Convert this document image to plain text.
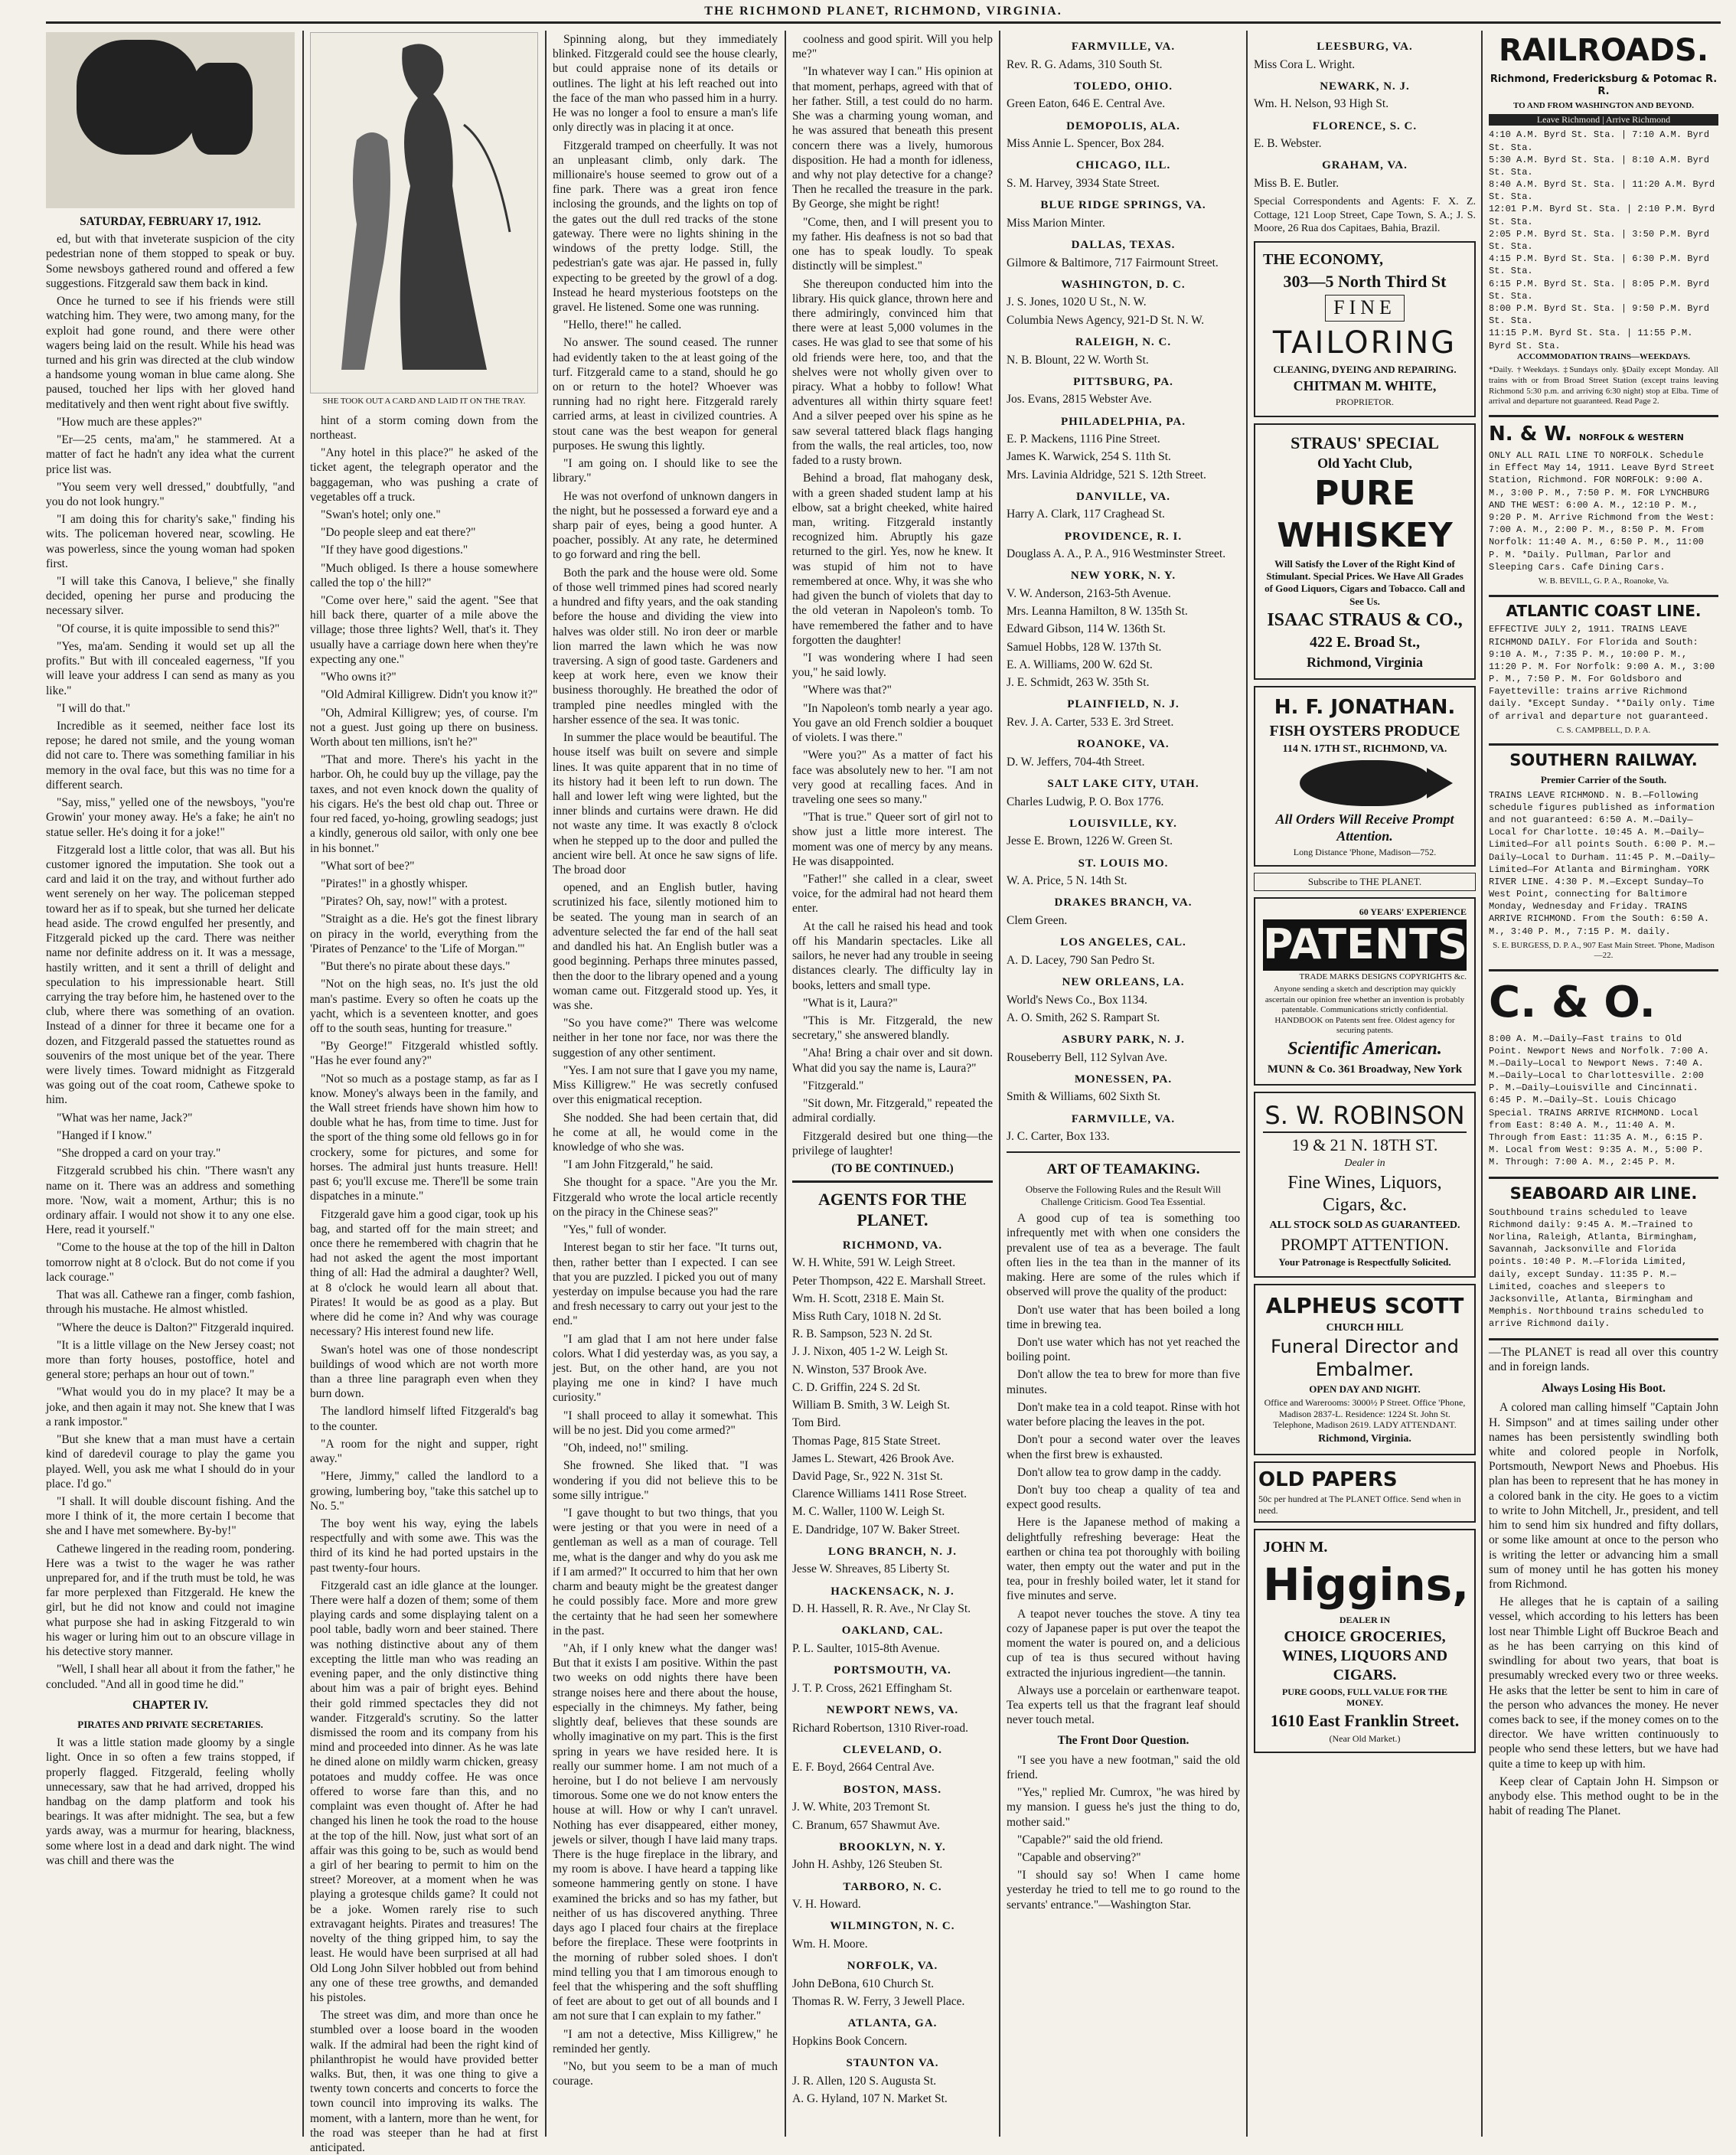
THE RICHMOND PLANET, RICHMOND, VIRGINIA.

SATURDAY, FEBRUARY 17, 1912.

ed, but with that inveterate suspicion of the city pedestrian none of them stopped to speak or buy. Some newsboys gathered round and offered a few suggestions. Fitzgerald saw them back in kind.

Once he turned to see if his friends were still watching him. They were, two among many, for the exploit had gone round, and there were other wagers being laid on the result. While his head was turned and his grin was directed at the club window a handsome young woman in blue came along. She paused, touched her lips with her gloved hand meditatively and then went right about five swiftly.

"How much are these apples?"

"Er—25 cents, ma'am," he stammered. At a matter of fact he hadn't any idea what the current price list was.

"You seem very well dressed," doubtfully, "and you do not look hungry."

"I am doing this for charity's sake," finding his wits. The policeman hovered near, scowling. He was powerless, since the young woman had spoken first.

"I will take this Canova, I believe," she finally decided, opening her purse and producing the necessary silver.

"Of course, it is quite impossible to send this?"

"Yes, ma'am. Sending it would set up all the profits." But with ill concealed eagerness, "If you will leave your address I can send as many as you like."

"I will do that."

Incredible as it seemed, neither face lost its repose; he dared not smile, and the young woman did not care to. There was something familiar in his memory in the oval face, but this was no time for a different search.

"Say, miss," yelled one of the newsboys, "you're Growin' your money away. He's a fake; he ain't no statue seller. He's doing it for a joke!"

Fitzgerald lost a little color, that was all. But his customer ignored the imputation. She took out a card and laid it on the tray, and without further ado went serenely on her way. The policeman stepped toward her as if to speak, but she turned her delicate head aside. The crowd engulfed her presently, and Fitzgerald picked up the card. There was neither name nor definite address on it. It was a message, hastily written, and it sent a thrill of delight and speculation to his impressionable heart. Still carrying the tray before him, he hastened over to the club, where there was something of an ovation. Instead of a dinner for three it became one for a dozen, and Fitzgerald passed the statuettes round as souvenirs of the most unique bet of the year. There were lively times. Toward midnight as Fitzgerald was going out of the coat room, Cathewe spoke to him.

"What was her name, Jack?"

"Hanged if I know."

"She dropped a card on your tray."

Fitzgerald scrubbed his chin. "There wasn't any name on it. There was an address and something more. 'Now, wait a moment, Arthur; this is no ordinary affair. I would not show it to any one else. Here, read it yourself."

"Come to the house at the top of the hill in Dalton tomorrow night at 8 o'clock. But do not come if you lack courage."

That was all. Cathewe ran a finger, comb fashion, through his mustache. He almost whistled.

"Where the deuce is Dalton?" Fitzgerald inquired.

"It is a little village on the New Jersey coast; not more than forty houses, postoffice, hotel and general store; perhaps an hour out of town."

"What would you do in my place? It may be a joke, and then again it may not. She knew that I was a rank impostor."

"But she knew that a man must have a certain kind of daredevil courage to play the game you played. Well, you ask me what I should do in your place. I'd go."

"I shall. It will double discount fishing. And the more I think of it, the more certain I become that she and I have met somewhere. By-by!"

Cathewe lingered in the reading room, pondering. Here was a twist to the wager he was rather unprepared for, and if the truth must be told, he was far more perplexed than Fitzgerald. He knew the girl, but he did not know and could not imagine what purpose she had in asking Fitzgerald to win his wager or luring him out to an obscure village in his detective story manner.

"Well, I shall hear all about it from the father," he concluded. "And all in good time he did."

CHAPTER IV.

PIRATES AND PRIVATE SECRETARIES.

It was a little station made gloomy by a single light. Once in so often a few trains stopped, if properly flagged. Fitzgerald, feeling wholly unnecessary, saw that he had arrived, dropped his handbag on the damp platform and took his bearings. It was after midnight. The sea, but a few yards away, was a murmur for hearing, blackness, some where lost in a dead and dark night. The wind was chill and there was the

SHE TOOK OUT A CARD AND LAID IT ON THE TRAY.

hint of a storm coming down from the northeast.

"Any hotel in this place?" he asked of the ticket agent, the telegraph operator and the baggageman, who was pushing a crate of vegetables off a truck.

"Swan's hotel; only one."

"Do people sleep and eat there?"

"If they have good digestions."

"Much obliged. Is there a house somewhere called the top o' the hill?"

"Come over here," said the agent. "See that hill back there, quarter of a mile above the village; those three lights? Well, that's it. They usually have a carriage down here when they're expecting any one."

"Who owns it?"

"Old Admiral Killigrew. Didn't you know it?"

"Oh, Admiral Killigrew; yes, of course. I'm not a guest. Just going up there on business. Worth about ten millions, isn't he?"

"That and more. There's his yacht in the harbor. Oh, he could buy up the village, pay the taxes, and not even knock down the quality of his cigars. He's the best old chap out. Three or four red faced, yo-hoing, growling seadogs; just a kindly, generous old sailor, with only one bee in his bonnet."

"What sort of bee?"

"Pirates!" in a ghostly whisper.

"Pirates? Oh, say, now!" with a protest.

"Straight as a die. He's got the finest library on piracy in the world, everything from the 'Pirates of Penzance' to the 'Life of Morgan.'"

"But there's no pirate about these days."

"Not on the high seas, no. It's just the old man's pastime. Every so often he coats up the yacht, which is a seventeen knotter, and goes off to the south seas, hunting for treasure."

"By George!" Fitzgerald whistled softly. "Has he ever found any?"

"Not so much as a postage stamp, as far as I know. Money's always been in the family, and the Wall street friends have shown him how to double what he has, from time to time. Just for the sport of the thing some old fellows go in for crockery, some for pictures, and some for horses. The admiral just hunts treasure. Hell! past 6; you'll excuse me. There'll be some train dispatches in a minute."

Fitzgerald gave him a good cigar, took up his bag, and started off for the main street; and once there he remembered with chagrin that he had not asked the agent the most important thing of all: Had the admiral a daughter? Well, at 8 o'clock he would learn all about that. Pirates! It would be as good as a play. But where did he come in? And why was courage necessary? His interest found new life.

Swan's hotel was one of those nondescript buildings of wood which are not worth more than a three line paragraph even when they burn down.

The landlord himself lifted Fitzgerald's bag to the counter.

"A room for the night and supper, right away."

"Here, Jimmy," called the landlord to a growing, lumbering boy, "take this satchel up to No. 5."

The boy went his way, eying the labels respectfully and with some awe. This was the third of its kind he had ported upstairs in the past twenty-four hours.

Fitzgerald cast an idle glance at the lounger. There were half a dozen of them; some of them playing cards and some displaying talent on a pool table, badly worn and beer stained. There was nothing distinctive about any of them excepting the little man who was reading an evening paper, and the only distinctive thing about him was a pair of bright eyes. Behind their gold rimmed spectacles they did not wander. Fitzgerald's scrutiny. So the latter dismissed the room and its company from his mind and proceeded into dinner. As he was late he dined alone on mildly warm chicken, greasy potatoes and muddy coffee. He was once offered to worse fare than this, and no complaint was even thought of. After he had changed his linen he took the road to the house at the top of the hill. Now, just what sort of an affair was this going to be, such as would bend a girl of her bearing to permit to him on the street? Moreover, at a moment when he was playing a grotesque childs game? It could not be a joke. Women rarely rise to such extravagant heights. Pirates and treasures! The novelty of the thing gripped him, to say the least. He would have been surprised at all had Old Long John Silver hobbled out from behind any one of these tree growths, and demanded his pistoles.

The street was dim, and more than once he stumbled over a loose board in the wooden walk. If the admiral had been the right kind of philanthropist he would have provided better walks. But, then, it was one thing to give a twenty town concerts and concerts to force the town council into improving its walks. The moment, with a lantern, more than he went, for the road was steeper than he had at first anticipated.

Spinning along, but they immediately blinked. Fitzgerald could see the house clearly, but could appraise none of its details or outlines. The light at his left reached out into the face of the man who passed him in a hurry. He was no longer a fool to ensure a man's life only directly was in placing it at once.

Fitzgerald tramped on cheerfully. It was not an unpleasant climb, only dark. The millionaire's house seemed to grow out of a fine park. There was a great iron fence inclosing the grounds, and the lights on top of the gates out the dull red tracks of the stone gateway. There were no lights shining in the windows of the pretty lodge. Still, the pedestrian's gate was ajar. He passed in, fully expecting to be greeted by the growl of a dog. Instead he heard mysterious footsteps on the gravel. He listened. Some one was running.

"Hello, there!" he called.

No answer. The sound ceased. The runner had evidently taken to the at least going of the turf. Fitzgerald came to a stand, should he go on or return to the hotel? Whoever was running had no right here. Fitzgerald rarely carried arms, at least in civilized countries. A stout cane was the best weapon for general purposes. He swung this lightly.

"I am going on. I should like to see the library."

He was not overfond of unknown dangers in the night, but he possessed a forward eye and a sharp pair of eyes, being a good hunter. A poacher, possibly. At any rate, he determined to go forward and ring the bell.

Both the park and the house were old. Some of those well trimmed pines had scored nearly a hundred and fifty years, and the oak standing before the house and dividing the view into halves was older still. No iron deer or marble lion marred the lawn which he was now traversing. A sign of good taste. Gardeners and keep at work here, even we know their business thoroughly. He breathed the odor of trampled pine needles mingled with the harsher essence of the sea. It was tonic.

In summer the place would be beautiful. The house itself was built on severe and simple lines. It was quite apparent that in no time of its history had it been left to run down. The hall and lower left wing were lighted, but the inner blinds and curtains were drawn. He did not waste any time. It was exactly 8 o'clock when he stepped up to the door and pulled the ancient wire bell. At once he saw signs of life. The broad door

opened, and an English butler, having scrutinized his face, silently motioned him to be seated. The young man in search of an adventure selected the far end of the hall seat and dandled his hat. An English butler was a good beginning. Perhaps three minutes passed, then the door to the library opened and a young woman came out. Fitzgerald stood up. Yes, it was she.

"So you have come?" There was welcome neither in her tone nor face, nor was there the suggestion of any other sentiment.

"Yes. I am not sure that I gave you my name, Miss Killigrew." He was secretly confused over this enigmatical reception.

She nodded. She had been certain that, did he come at all, he would come in the knowledge of who she was.

"I am John Fitzgerald," he said.

She thought for a space. "Are you the Mr. Fitzgerald who wrote the local article recently on the piracy in the Chinese seas?"

"Yes," full of wonder.

Interest began to stir her face. "It turns out, then, rather better than I expected. I can see that you are puzzled. I picked you out of many yesterday on impulse because you had the rare and fresh necessary to carry out your jest to the end."

"I am glad that I am not here under false colors. What I did yesterday was, as you say, a jest. But, on the other hand, are you not playing me one in kind? I have much curiosity."

"I shall proceed to allay it somewhat. This will be no jest. Did you come armed?"

"Oh, indeed, no!" smiling.

She frowned. She liked that. "I was wondering if you did not believe this to be some silly intrigue."

"I gave thought to but two things, that you were jesting or that you were in need of a gentleman as well as a man of courage. Tell me, what is the danger and why do you ask me if I am armed?" It occurred to him that her own charm and beauty might be the greatest danger he could possibly face. More and more grew the certainty that he had seen her somewhere in the past.

"Ah, if I only knew what the danger was! But that it exists I am positive. Within the past two weeks on odd nights there have been strange noises here and there about the house, especially in the chimneys. My father, being slightly deaf, believes that these sounds are wholly imaginative on my part. This is the first spring in years we have resided here. It is really our summer home. I am not much of a heroine, but I do not believe I am nervously timorous. Some one we do not know enters the house at will. How or why I can't unravel. Nothing has ever disappeared, either money, jewels or silver, though I have laid many traps. There is the huge fireplace in the library, and my room is above. I have heard a tapping like someone hammering gently on stone. I have examined the bricks and so has my father, but neither of us has discovered anything. Three days ago I placed four chairs at the fireplace before the fireplace. These were footprints in the morning of rubber soled shoes. I don't mind telling you that I am timorous enough to feel that the whispering and the soft shuffling of feet are about to get out of all bounds and I am not sure that I can explain to my father."

"I am not a detective, Miss Killigrew," he reminded her gently.

"No, but you seem to be a man of much courage.

coolness and good spirit. Will you help me?"

"In whatever way I can." His opinion at that moment, perhaps, agreed with that of her father. Still, a test could do no harm. She was a charming young woman, and he was assured that beneath this present concern there was a lively, humorous disposition. He had a month for idleness, and why not play detective for a change? Then he recalled the treasure in the park. By George, she might be right!

"Come, then, and I will present you to my father. His deafness is not so bad that one has to speak loudly. To speak distinctly will be simplest."

She thereupon conducted him into the library. His quick glance, thrown here and there admiringly, convinced him that there were at least 5,000 volumes in the cases. He was glad to see that some of his old friends were here, too, and that the shelves were not wholly given over to piracy. What a hobby to follow! What adventures all within thirty square feet! And a silver peeped over his spine as he saw several tattered black flags hanging from the walls, the real articles, too, now faded to a rusty brown.

Behind a broad, flat mahogany desk, with a green shaded student lamp at his elbow, sat a bright cheeked, white haired man, writing. Fitzgerald instantly recognized him. Abruptly his gaze returned to the girl. Yes, now he knew. It was stupid of him not to have remembered at once. Why, it was she who had given the bunch of violets that day to the old veteran in Napoleon's tomb. To have remembered the father and to have forgotten the daughter!

"I was wondering where I had seen you," he said lowly.

"Where was that?"

"In Napoleon's tomb nearly a year ago. You gave an old French soldier a bouquet of violets. I was there."

"Were you?" As a matter of fact his face was absolutely new to her. "I am not very good at recalling faces. And in traveling one sees so many."

"That is true." Queer sort of girl not to show just a little more interest. The moment was one of mercy by any means. He was disappointed.

"Father!" she called in a clear, sweet voice, for the admiral had not heard them enter.

At the call he raised his head and took off his Mandarin spectacles. Like all sailors, he never had any trouble in seeing distances clearly. The difficulty lay in books, letters and small type.

"What is it, Laura?"

"This is Mr. Fitzgerald, the new secretary," she answered blandly.

"Aha! Bring a chair over and sit down. What did you say the name is, Laura?"

"Fitzgerald."

"Sit down, Mr. Fitzgerald," repeated the admiral cordially.

Fitzgerald desired but one thing—the privilege of laughter!

(TO BE CONTINUED.)

AGENTS FOR THE PLANET.

RICHMOND, VA.

W. H. White, 591 W. Leigh Street.

Peter Thompson, 422 E. Marshall Street.

Wm. H. Scott, 2318 E. Main St.

Miss Ruth Cary, 1018 N. 2d St.

R. B. Sampson, 523 N. 2d St.

J. J. Nixon, 405 1-2 W. Leigh St.

N. Winston, 537 Brook Ave.

C. D. Griffin, 224 S. 2d St.

William B. Smith, 3 W. Leigh St.

Tom Bird.

Thomas Page, 815 State Street.

James L. Stewart, 426 Brook Ave.

David Page, Sr., 922 N. 31st St.

Clarence Williams 1411 Rose Street.

M. C. Waller, 1100 W. Leigh St.

E. Dandridge, 107 W. Baker Street.

LONG BRANCH, N. J.

Jesse W. Shreaves, 85 Liberty St.

HACKENSACK, N. J.

D. H. Hassell, R. R. Ave., Nr Clay St.

OAKLAND, CAL.

P. L. Saulter, 1015-8th Avenue.

PORTSMOUTH, VA.

J. T. P. Cross, 2621 Effingham St.

NEWPORT NEWS, VA.

Richard Robertson, 1310 River-road.

CLEVELAND, O.

E. F. Boyd, 2664 Central Ave.

BOSTON, MASS.

J. W. White, 203 Tremont St.

C. Branum, 657 Shawmut Ave.

BROOKLYN, N. Y.

John H. Ashby, 126 Steuben St.

TARBORO, N. C.

V. H. Howard.

WILMINGTON, N. C.

Wm. H. Moore.

NORFOLK, VA.

John DeBona, 610 Church St.

Thomas R. W. Ferry, 3 Jewell Place.

ATLANTA, GA.

Hopkins Book Concern.

STAUNTON VA.

J. R. Allen, 120 S. Augusta St.

A. G. Hyland, 107 N. Market St.

FARMVILLE, VA.

Rev. R. G. Adams, 310 South St.

TOLEDO, OHIO.

Green Eaton, 646 E. Central Ave.

DEMOPOLIS, ALA.

Miss Annie L. Spencer, Box 284.

CHICAGO, ILL.

S. M. Harvey, 3934 State Street.

BLUE RIDGE SPRINGS, VA.

Miss Marion Minter.

DALLAS, TEXAS.

Gilmore & Baltimore, 717 Fairmount Street.

WASHINGTON, D. C.

J. S. Jones, 1020 U St., N. W.

Columbia News Agency, 921-D St. N. W.

RALEIGH, N. C.

N. B. Blount, 22 W. Worth St.

PITTSBURG, PA.

Jos. Evans, 2815 Webster Ave.

PHILADELPHIA, PA.

E. P. Mackens, 1116 Pine Street.

James K. Warwick, 254 S. 11th St.

Mrs. Lavinia Aldridge, 521 S. 12th Street.

DANVILLE, VA.

Harry A. Clark, 117 Craghead St.

PROVIDENCE, R. I.

Douglass A. A., P. A., 916 Westminster Street.

NEW YORK, N. Y.

V. W. Anderson, 2163-5th Avenue.

Mrs. Leanna Hamilton, 8 W. 135th St.

Edward Gibson, 114 W. 136th St.

Samuel Hobbs, 128 W. 137th St.

E. A. Williams, 200 W. 62d St.

J. E. Schmidt, 263 W. 35th St.

PLAINFIELD, N. J.

Rev. J. A. Carter, 533 E. 3rd Street.

ROANOKE, VA.

D. W. Jeffers, 704-4th Street.

SALT LAKE CITY, UTAH.

Charles Ludwig, P. O. Box 1776.

LOUISVILLE, KY.

Jesse E. Brown, 1226 W. Green St.

ST. LOUIS MO.

W. A. Price, 5 N. 14th St.

DRAKES BRANCH, VA.

Clem Green.

LOS ANGELES, CAL.

A. D. Lacey, 790 San Pedro St.

NEW ORLEANS, LA.

World's News Co., Box 1134.

A. O. Smith, 262 S. Rampart St.

ASBURY PARK, N. J.

Rouseberry Bell, 112 Sylvan Ave.

MONESSEN, PA.

Smith & Williams, 602 Sixth St.

FARMVILLE, VA.

J. C. Carter, Box 133.

ART OF TEAMAKING.

Observe the Following Rules and the Result Will Challenge Criticism. Good Tea Essential.

A good cup of tea is something too infrequently met with when one considers the prevalent use of tea as a beverage. The fault often lies in the tea than in the manner of its making. Here are some of the rules which if observed will prove the quality of the product:

Don't use water that has been boiled a long time in brewing tea.

Don't use water which has not yet reached the boiling point.

Don't allow the tea to brew for more than five minutes.

Don't make tea in a cold teapot. Rinse with hot water before placing the leaves in the pot.

Don't pour a second water over the leaves when the first brew is exhausted.

Don't allow tea to grow damp in the caddy.

Don't buy too cheap a quality of tea and expect good results.

Here is the Japanese method of making a delightfully refreshing beverage: Heat the earthen or china tea pot thoroughly with boiling water, then empty out the water and put in the tea, pour in freshly boiled water, let it stand for five minutes and serve.

A teapot never touches the stove. A tiny tea cozy of Japanese paper is put over the teapot the moment the water is poured on, and a delicious cup of tea is thus secured without having extracted the injurious ingredient—the tannin.

Always use a porcelain or earthenware teapot. Tea experts tell us that the fragrant leaf should never touch metal.

The Front Door Question.

"I see you have a new footman," said the old friend.

"Yes," replied Mr. Cumrox, "he was hired by my mansion. I guess he's just the thing to do, mother said."

"Capable?" said the old friend.

"Capable and observing?"

"I should say so! When I came home yesterday he tried to tell me to go round to the servants' entrance."—Washington Star.

LEESBURG, VA.

Miss Cora L. Wright.

NEWARK, N. J.

Wm. H. Nelson, 93 High St.

FLORENCE, S. C.

E. B. Webster.

GRAHAM, VA.

Miss B. E. Butler.

Special Correspondents and Agents: F. X. Z. Cottage, 121 Loop Street, Cape Town, S. A.; J. S. Moore, 26 Rua dos Capitaes, Bahia, Brazil.

THE ECONOMY,

303—5 North Third St

FINE

TAILORING

CLEANING, DYEING AND REPAIRING.

CHITMAN M. WHITE,

PROPRIETOR.

STRAUS' SPECIAL

Old Yacht Club,

PURE WHISKEY

Will Satisfy the Lover of the Right Kind of Stimulant. Special Prices. We Have All Grades of Good Liquors, Cigars and Tobacco. Call and See Us.

ISAAC STRAUS & CO.,

422 E. Broad St.,

Richmond, Virginia

H. F. JONATHAN.

FISH OYSTERS PRODUCE

114 N. 17TH ST., RICHMOND, VA.

All Orders Will Receive Prompt Attention.

Long Distance 'Phone, Madison—752.

Subscribe to THE PLANET.

60 YEARS' EXPERIENCE

PATENTS

TRADE MARKS DESIGNS COPYRIGHTS &c.

Anyone sending a sketch and description may quickly ascertain our opinion free whether an invention is probably patentable. Communications strictly confidential. HANDBOOK on Patents sent free. Oldest agency for securing patents.

Scientific American.

MUNN & Co. 361 Broadway, New York

S. W. ROBINSON

19 & 21 N. 18TH ST.

Dealer in

Fine Wines, Liquors, Cigars, &c.

ALL STOCK SOLD AS GUARANTEED.

PROMPT ATTENTION.

Your Patronage is Respectfully Solicited.

ALPHEUS SCOTT

CHURCH HILL

Funeral Director and Embalmer.

OPEN DAY AND NIGHT.

Office and Warerooms: 3000½ P Street. Office 'Phone, Madison 2837-L. Residence: 1224 St. John St. Telephone, Madison 2619. LADY ATTENDANT.

Richmond, Virginia.

OLD PAPERS

50c per hundred at The PLANET Office. Send when in need.

JOHN M.

Higgins,

DEALER IN

CHOICE GROCERIES, WINES, LIQUORS AND CIGARS.

PURE GOODS, FULL VALUE FOR THE MONEY.

1610 East Franklin Street.

(Near Old Market.)

RAILROADS.

Richmond, Fredericksburg & Potomac R. R.

TO AND FROM WASHINGTON AND BEYOND.

Leave Richmond | Arrive Richmond

4:10 A.M. Byrd St. Sta. | 7:10 A.M. Byrd St. Sta.

5:30 A.M. Byrd St. Sta. | 8:10 A.M. Byrd St. Sta.

8:40 A.M. Byrd St. Sta. | 11:20 A.M. Byrd St. Sta.

12:01 P.M. Byrd St. Sta. | 2:10 P.M. Byrd St. Sta.

2:05 P.M. Byrd St. Sta. | 3:50 P.M. Byrd St. Sta.

4:15 P.M. Byrd St. Sta. | 6:30 P.M. Byrd St. Sta.

6:15 P.M. Byrd St. Sta. | 8:05 P.M. Byrd St. Sta.

8:00 P.M. Byrd St. Sta. | 9:50 P.M. Byrd St. Sta.

11:15 P.M. Byrd St. Sta. | 11:55 P.M. Byrd St. Sta.

ACCOMMODATION TRAINS—WEEKDAYS.

*Daily. †Weekdays. ‡Sundays only. §Daily except Monday. All trains with or from Broad Street Station (except trains leaving Richmond 5:30 p.m. and arriving 6:30 night) stop at Elba. Time of arrival and departure not guaranteed. Read Page 2.

N. & W. NORFOLK & WESTERN

ONLY ALL RAIL LINE TO NORFOLK. Schedule in Effect May 14, 1911. Leave Byrd Street Station, Richmond. FOR NORFOLK: 9:00 A. M., 3:00 P. M., 7:50 P. M. FOR LYNCHBURG AND THE WEST: 6:00 A. M., 12:10 P. M., 9:20 P. M. Arrive Richmond from the West: 7:00 A. M., 2:00 P. M., 8:50 P. M. From Norfolk: 11:40 A. M., 6:50 P. M., 11:00 P. M. *Daily. Pullman, Parlor and Sleeping Cars. Cafe Dining Cars.

W. B. BEVILL, G. P. A., Roanoke, Va.

ATLANTIC COAST LINE.

EFFECTIVE JULY 2, 1911. TRAINS LEAVE RICHMOND DAILY. For Florida and South: 9:10 A. M., 7:35 P. M., 10:00 P. M., 11:20 P. M. For Norfolk: 9:00 A. M., 3:00 P. M., 7:50 P. M. For Goldsboro and Fayetteville: trains arrive Richmond daily. *Except Sunday. **Daily only. Time of arrival and departure not guaranteed.

C. S. CAMPBELL, D. P. A.

SOUTHERN RAILWAY.

Premier Carrier of the South.

TRAINS LEAVE RICHMOND. N. B.—Following schedule figures published as information and not guaranteed: 6:50 A. M.—Daily—Local for Charlotte. 10:45 A. M.—Daily—Limited—For all points South. 6:00 P. M.—Daily—Local to Durham. 11:45 P. M.—Daily—Limited—For Atlanta and Birmingham. YORK RIVER LINE. 4:30 P. M.—Except Sunday—To West Point, connecting for Baltimore Monday, Wednesday and Friday. TRAINS ARRIVE RICHMOND. From the South: 6:50 A. M., 3:40 P. M., 7:15 P. M. daily.

S. E. BURGESS, D. P. A., 907 East Main Street. 'Phone, Madison—22.

C. & O.

8:00 A. M.—Daily—Fast trains to Old Point. Newport News and Norfolk. 7:00 A. M.—Daily—Local to Newport News. 7:40 A. M.—Daily—Local to Charlottesville. 2:00 P. M.—Daily—Louisville and Cincinnati. 6:45 P. M.—Daily—St. Louis Chicago Special. TRAINS ARRIVE RICHMOND. Local from East: 8:40 A. M., 11:40 A. M. Through from East: 11:35 A. M., 6:15 P. M. Local from West: 9:35 A. M., 5:00 P. M. Through: 7:00 A. M., 2:45 P. M.

SEABOARD AIR LINE.

Southbound trains scheduled to leave Richmond daily: 9:45 A. M.—Trained to Norlina, Raleigh, Atlanta, Birmingham, Savannah, Jacksonville and Florida points. 10:40 P. M.—Florida Limited, daily, except Sunday. 11:35 P. M.—Limited, coaches and sleepers to Jacksonville, Atlanta, Birmingham and Memphis. Northbound trains scheduled to arrive Richmond daily.

—The PLANET is read all over this country and in foreign lands.

Always Losing His Boot.

A colored man calling himself "Captain John H. Simpson" and at times sailing under other names has been persistently swindling both white and colored people in Norfolk, Portsmouth, Newport News and Phoebus. His plan has been to represent that he has money in a colored bank in the city. He goes to a victim to write to John Mitchell, Jr., president, and tell him to send him six hundred and fifty dollars, or some like amount at once to the person who is writing the letter or advancing him a small sum of money until he has gotten his money from Richmond.

He alleges that he is captain of a sailing vessel, which according to his letters has been lost near Thimble Light off Buckroe Beach and as he has been carrying on this kind of swindling for about two years, that boat is presumably wrecked every two or three weeks. He asks that the letter be sent to him in care of the person who advances the money. He never comes back to see, if the money comes on to the director. We have written continuously to people who send these letters, but we have had quite a time to keep up with him.

Keep clear of Captain John H. Simpson or anybody else. This method ought to be in the habit of reading The Planet.
